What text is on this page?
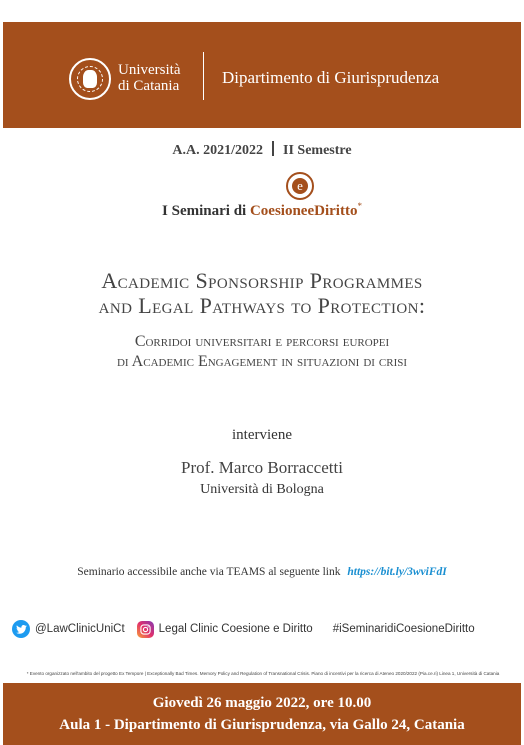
Università
di Catania	Dipartimento di Giurisprudenza
A.A. 2021/2022 II Semestre
e
I Seminari di CoesioneeDiritto*
Academic Sponsorship Programmes
and Legal Pathways to Protection:
Corridoi universitari e percorsi europei
di Academic Engagement in situazioni di crisi
interviene
Prof. Marco Borraccetti
Università di Bologna
Seminario accessibile anche via TEAMS al seguente link https://bit.ly/3wviFdI
@LawClinicUniCt	Legal Clinic Coesione e Diritto #iSeminaridiCoesioneDiritto
* Evento organizzato nell'ambito del progetto Ex Tempore | Exceptionally Bad Times. Memory Policy and Regulation of Transnational Crisis. Piano di incentivi per la ricerca di Ateneo 2020/2022 (Pia.ce.ri) Linea 1, Università di Catania
Giovedì 26 maggio 2022, ore 10.00
Aula 1 - Dipartimento di Giurisprudenza, via Gallo 24, Catania
